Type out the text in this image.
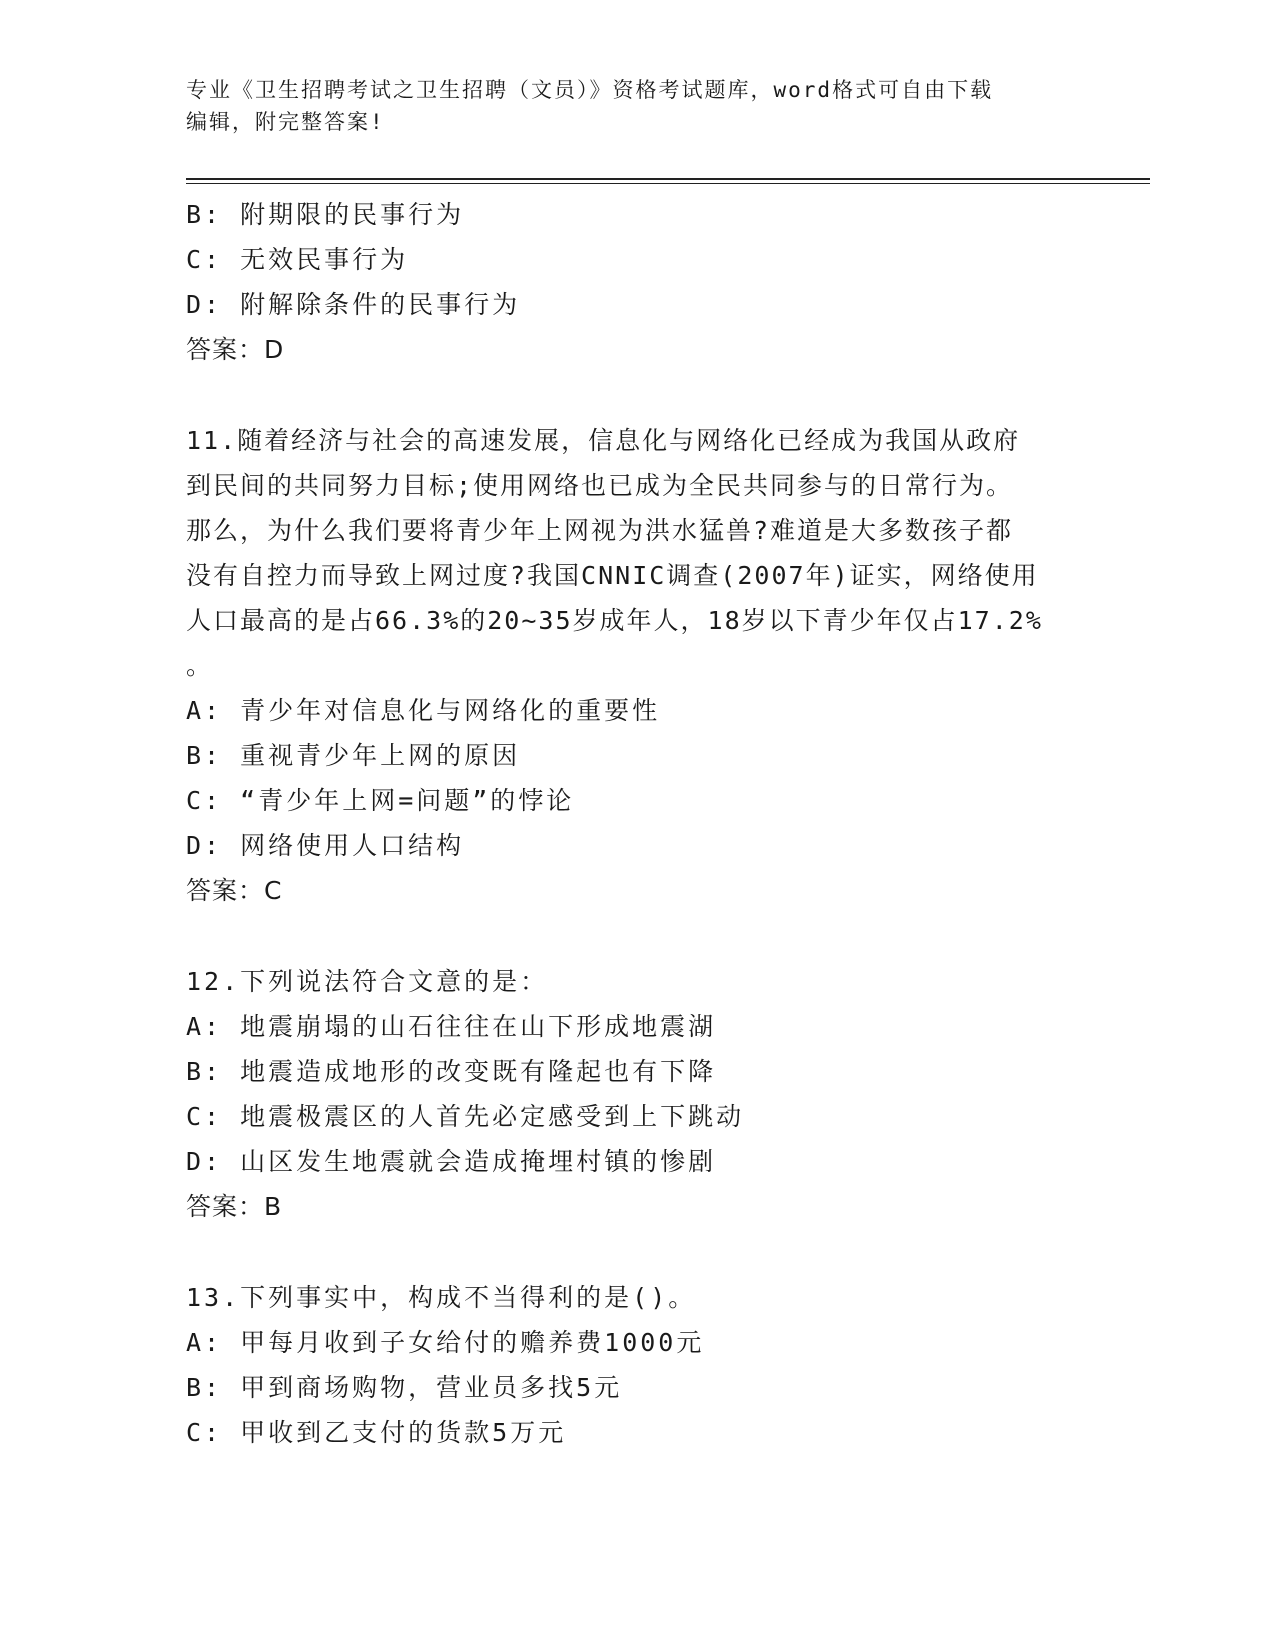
专业《卫生招聘考试之卫生招聘（文员）》资格考试题库，word格式可自由下载
编辑，附完整答案!
B: 附期限的民事行为
C: 无效民事行为
D: 附解除条件的民事行为
答案：D
11.随着经济与社会的高速发展，信息化与网络化已经成为我国从政府
到民间的共同努力目标;使用网络也已成为全民共同参与的日常行为。
那么，为什么我们要将青少年上网视为洪水猛兽?难道是大多数孩子都
没有自控力而导致上网过度?我国CNNIC调查(2007年)证实，网络使用
人口最高的是占66.3%的20~35岁成年人，18岁以下青少年仅占17.2%
。
A: 青少年对信息化与网络化的重要性
B: 重视青少年上网的原因
C: “青少年上网=问题”的悖论
D: 网络使用人口结构
答案：C
12.下列说法符合文意的是：
A: 地震崩塌的山石往往在山下形成地震湖
B: 地震造成地形的改变既有隆起也有下降
C: 地震极震区的人首先必定感受到上下跳动
D: 山区发生地震就会造成掩埋村镇的惨剧
答案：B
13.下列事实中，构成不当得利的是()。
A: 甲每月收到子女给付的赡养费1000元
B: 甲到商场购物，营业员多找5元
C: 甲收到乙支付的货款5万元
